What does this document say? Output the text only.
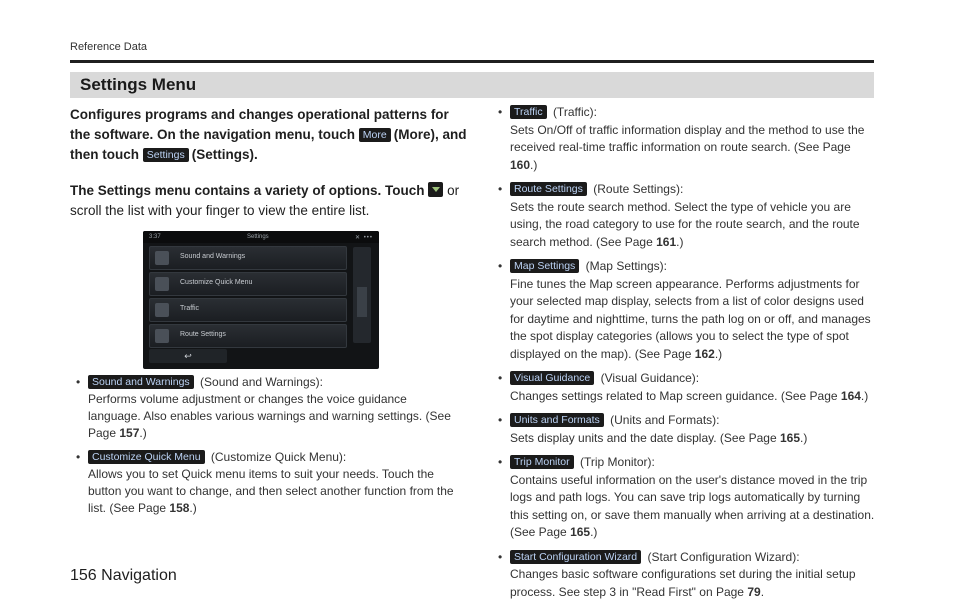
Reference Data
Settings Menu

Configures programs and changes operational patterns for the software. On the navigation menu, touch More (More), and then touch Settings (Settings).

The Settings menu contains a variety of options. Touch or scroll the list with your finger to view the entire list.

3:37	Settings	✕ •••
Sound and Warnings
Customize Quick Menu
Traffic
Route Settings
↩
• Sound and Warnings (Sound and Warnings):
Performs volume adjustment or changes the voice guidance language. Also enables various warnings and warning settings. (See Page 157.)
• Customize Quick Menu (Customize Quick Menu):
Allows you to set Quick menu items to suit your needs. Touch the button you want to change, and then select another function from the list. (See Page 158.)
• Traffic (Traffic):
Sets On/Off of traffic information display and the method to use the received real-time traffic information on route search. (See Page 160.)
• Route Settings (Route Settings):
Sets the route search method. Select the type of vehicle you are using, the road category to use for the route search, and the route search method. (See Page 161.)
• Map Settings (Map Settings):
Fine tunes the Map screen appearance. Performs adjustments for your selected map display, selects from a list of color designs used for daytime and nighttime, turns the path log on or off, and manages the spot display categories (allows you to select the type of spot displayed on the map). (See Page 162.)
• Visual Guidance (Visual Guidance):
Changes settings related to Map screen guidance. (See Page 164.)
• Units and Formats (Units and Formats):
Sets display units and the date display. (See Page 165.)
• Trip Monitor (Trip Monitor):
Contains useful information on the user's distance moved in the trip logs and path logs. You can save trip logs automatically by turning this setting on, or save them manually when arriving at a destination. (See Page 165.)
• Start Configuration Wizard (Start Configuration Wizard):
Changes basic software configurations set during the initial setup process. See step 3 in "Read First" on Page 79.
156 Navigation
